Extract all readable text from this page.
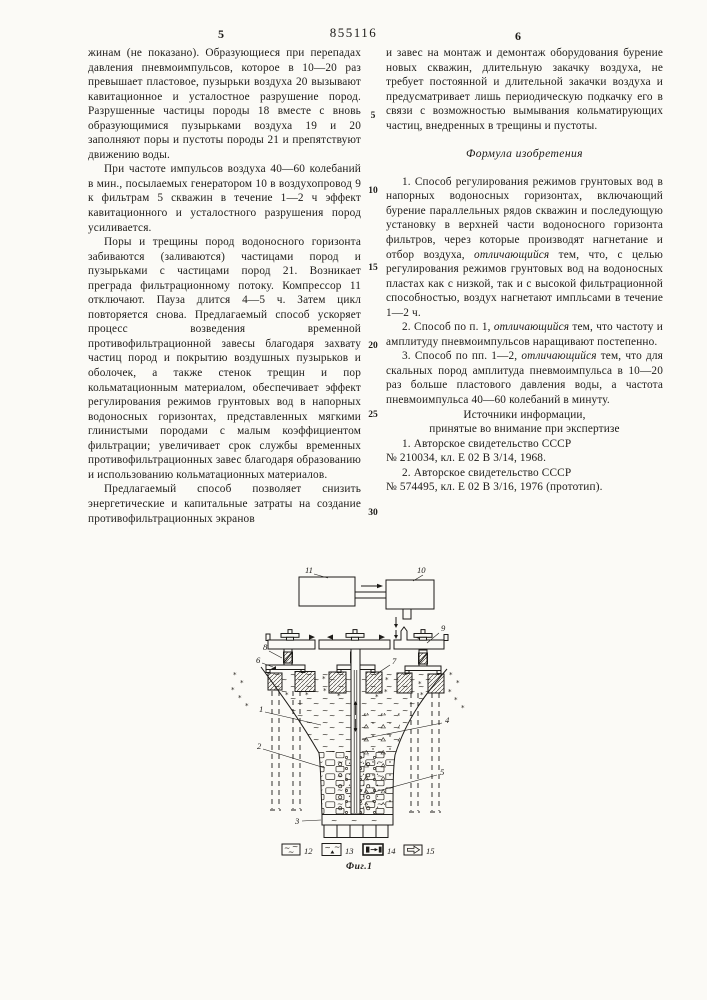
5	855116	6
5
10
15
20
25
30

жинам (не показано). Образующиеся при перепадах давления пневмоимпульсов, которое в 10—20 раз превышает пластовое, пузырьки воздуха 20 вызывают кавитационное и усталостное разрушение пород. Разрушенные частицы породы 18 вместе с вновь образующимися пузырьками воздуха 19 и 20 заполняют поры и пустоты породы 21 и препятствуют движению воды.

При частоте импульсов воздуха 40—60 колебаний в мин., посылаемых генератором 10 в воздухопровод 9 к фильтрам 5 скважин в течение 1—2 ч эффект кавитационного и усталостного разрушения пород усиливается.

Поры и трещины пород водоносного горизонта забиваются (заливаются) частицами пород и пузырьками с частицами пород 21. Возникает преграда фильтрационному потоку. Компрессор 11 отключают. Пауза длится 4—5 ч. Затем цикл повторяется снова. Предлагаемый способ ускоряет процесс возведения временной противофильтрационной завесы благодаря захвату частиц пород и покрытию воздушных пузырьков и оболочек, а также стенок трещин и пор кольматационным материалом, обеспечивает эффект регулирования режимов грунтовых вод в напорных водоносных горизонтах, представленных мягкими глинистыми породами с малым коэффициентом фильтрации; увеличивает срок службы временных противофильтрационных завес благодаря образованию и использованию кольматационных материалов.

Предлагаемый способ позволяет снизить энергетические и капитальные затраты на создание противофильтрационных экранов

и завес на монтаж и демонтаж оборудования бурение новых скважин, длительную закачку воздуха, не требует постоянной и длительной закачки воздуха и предусматривает лишь периодическую подкачку его в связи с возможностью вымывания кольматирующих частиц, внедренных в трещины и пустоты.

Формула изобретения

1. Способ регулирования режимов грунтовых вод в напорных водоносных горизонтах, включающий бурение параллельных рядов скважин и последующую установку в верхней части водоносного горизонта фильтров, через которые производят нагнетание и отбор воздуха, отличающийся тем, что, с целью регулирования режимов грунтовых вод на водоносных пластах как с низкой, так и с высокой фильтрационной способностью, воздух нагнетают импльсами в течение 1—2 ч.

2. Способ по п. 1, отличающийся тем, что частоту и амплитуду пневмоимпульсов наращивают постепенно.

3. Способ по пп. 1—2, отличающийся тем, что для скальных пород амплитуда пневмоимпульса в 10—20 раз больше пластового давления воды, а частота пневмоимпульса 40—60 колебаний в минуту.

Источники информации,

принятые во внимание при экспертизе

1. Авторское свидетельство СССР

№ 210034, кл. Е 02 В 3/14, 1968.

2. Авторское свидетельство СССР

№ 574495, кл. Е 02 В 3/16, 1976 (прототип).

*
*
*
*
*
* *
*
*
*	*
*
*
*
*
*
*
*
*
*
~ ~ ~
11	10
9
8
6	7
1
2
4
5
3
~ ~
~	~ ~
12	13	14	15
Фиг.1
